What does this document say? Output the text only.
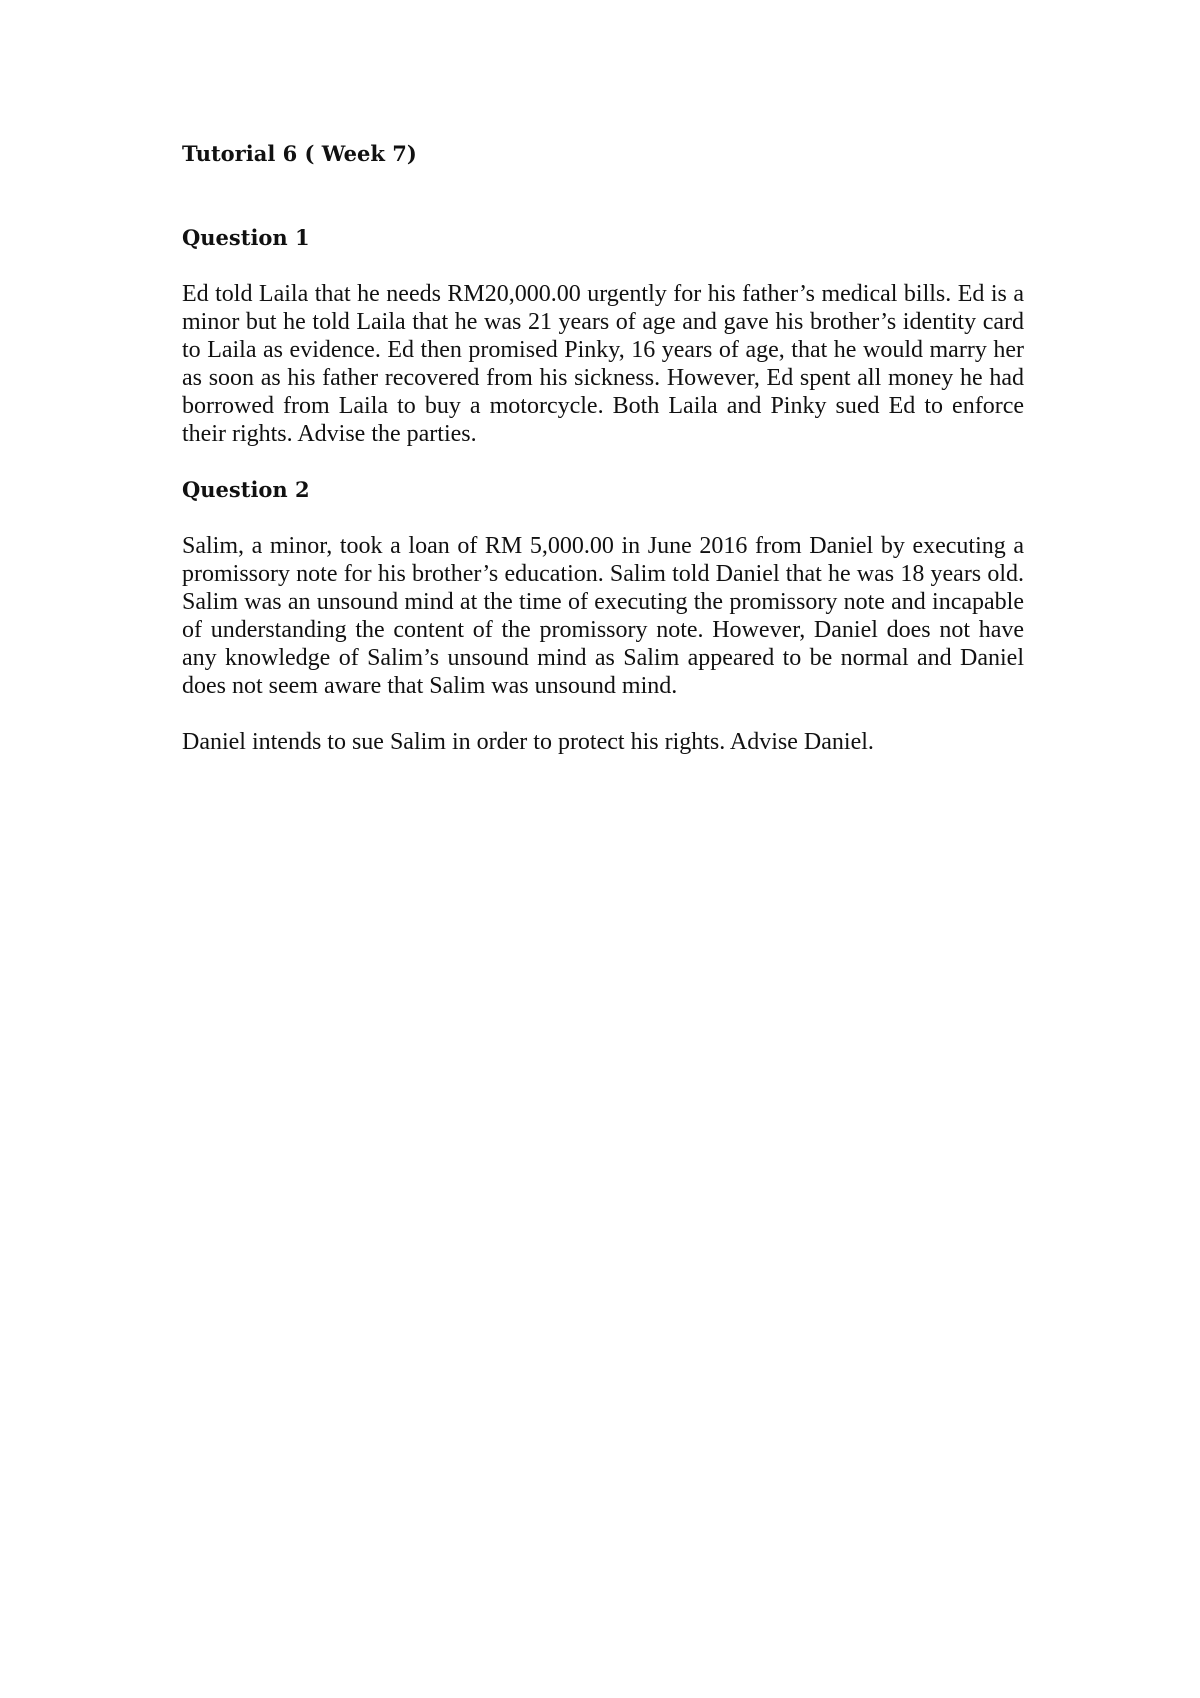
Tutorial 6 ( Week 7)

Question 1

Ed told Laila that he needs RM20,000.00 urgently for his father’s medical bills. Ed is a minor but he told Laila that he was 21 years of age and gave his brother’s identity card to Laila as evidence. Ed then promised Pinky, 16 years of age, that he would marry her as soon as his father recovered from his sickness. However, Ed spent all money he had borrowed from Laila to buy a motorcycle. Both Laila and Pinky sued Ed to enforce their rights. Advise the parties.

Question 2

Salim, a minor, took a loan of RM 5,000.00 in June 2016 from Daniel by executing a promissory note for his brother’s education. Salim told Daniel that he was 18 years old. Salim was an unsound mind at the time of executing the promissory note and incapable of understanding the content of the promissory note. However, Daniel does not have any knowledge of Salim’s unsound mind as Salim appeared to be normal and Daniel does not seem aware that Salim was unsound mind.

Daniel intends to sue Salim in order to protect his rights. Advise Daniel.
